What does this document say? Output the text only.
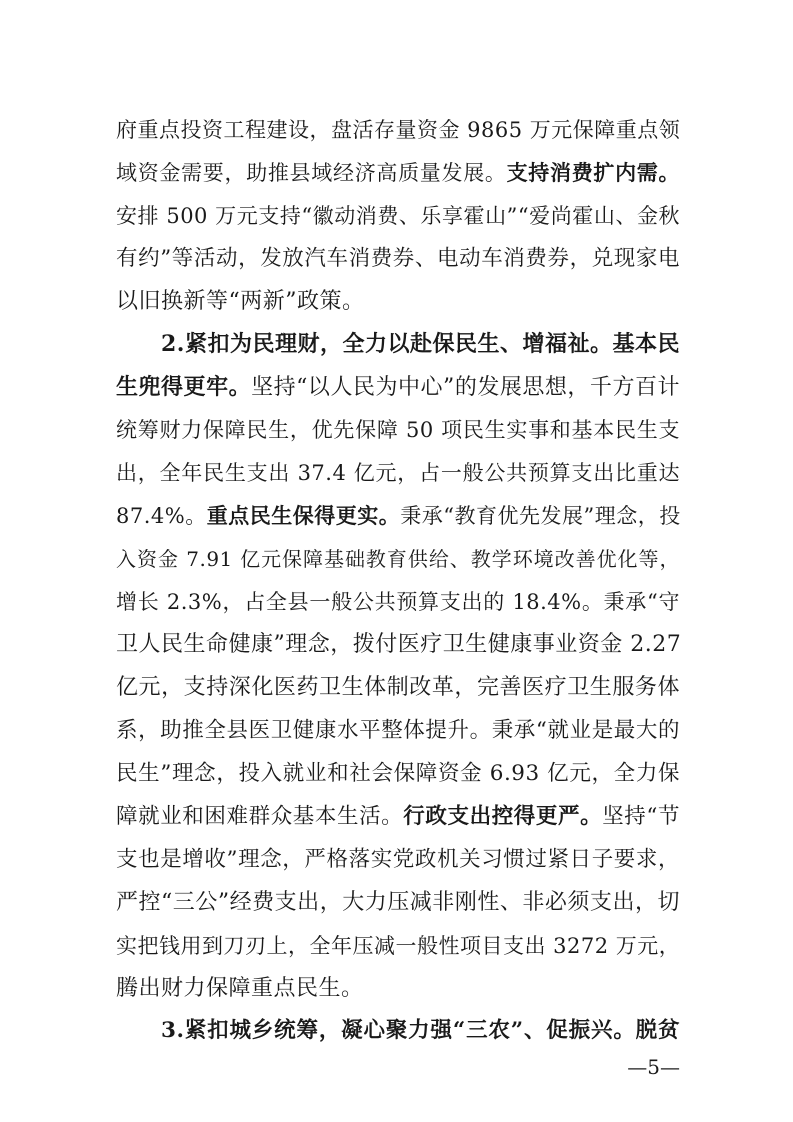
府重点投资工程建设，盘活存量资金 9865 万元保障重点领
域资金需要，助推县域经济高质量发展。支持消费扩内需。
安排 500 万元支持“徽动消费、乐享霍山”“爱尚霍山、金秋
有约”等活动，发放汽车消费券、电动车消费券，兑现家电
以旧换新等“两新”政策。
2.紧扣为民理财，全力以赴保民生、增福祉。基本民
生兜得更牢。坚持“以人民为中心”的发展思想，千方百计
统筹财力保障民生，优先保障 50 项民生实事和基本民生支
出，全年民生支出 37.4 亿元，占一般公共预算支出比重达
87.4%。重点民生保得更实。秉承“教育优先发展”理念，投
入资金 7.91 亿元保障基础教育供给、教学环境改善优化等，
增长 2.3%，占全县一般公共预算支出的 18.4%。秉承“守
卫人民生命健康”理念，拨付医疗卫生健康事业资金 2.27
亿元，支持深化医药卫生体制改革，完善医疗卫生服务体
系，助推全县医卫健康水平整体提升。秉承“就业是最大的
民生”理念，投入就业和社会保障资金 6.93 亿元，全力保
障就业和困难群众基本生活。行政支出控得更严。坚持“节
支也是增收”理念，严格落实党政机关习惯过紧日子要求，
严控“三公”经费支出，大力压减非刚性、非必须支出，切
实把钱用到刀刃上，全年压减一般性项目支出 3272 万元，
腾出财力保障重点民生。
3.紧扣城乡统筹，凝心聚力强“三农”、促振兴。脱贫
—5—
